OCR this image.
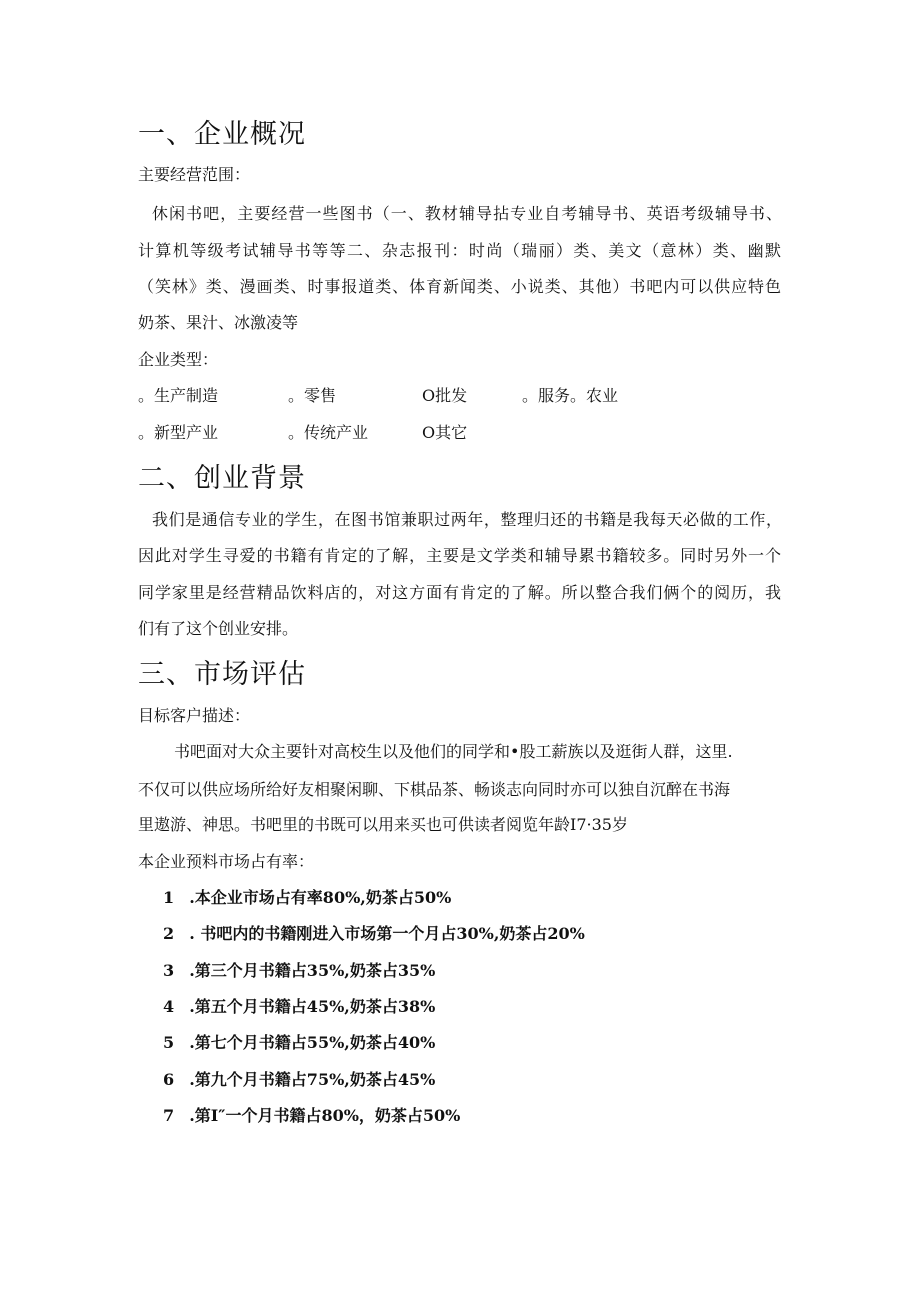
一、企业概况
主要经营范围：
休闲书吧，主要经营一些图书（一、教材辅导拈专业自考辅导书、英语考级辅导书、
计算机等级考试辅导书等等二、杂志报刊：时尚（瑞丽）类、美文（意林）类、幽默
（笑林》类、漫画类、时事报道类、体育新闻类、小说类、其他）书吧内可以供应特色
奶茶、果汁、冰激凌等
企业类型：
。生产制造	。零售	O批发	。服务。农业
。新型产业	。传统产业	O其它
二、创业背景
我们是通信专业的学生，在图书馆兼职过两年，整理归还的书籍是我每天必做的工作，
因此对学生寻爱的书籍有肯定的了解，主要是文学类和辅导累书籍较多。同时另外一个
同学家里是经营精品饮料店的，对这方面有肯定的了解。所以整合我们俩个的阅历，我
们有了这个创业安排。
三、市场评估
目标客户描述：
书吧面对大众主要针对高校生以及他们的同学和•股工薪族以及逛街人群，这里.
不仅可以供应场所给好友相聚闲聊、下棋品茶、畅谈志向同时亦可以独自沉醉在书海
里遨游、神思。书吧里的书既可以用来买也可供读者阅览年龄I7·35岁
本企业预料市场占有率：
1 .本企业市场占有率80%,奶茶占50%
2 . 书吧内的书籍刚进入市场第一个月占30%,奶茶占20%
3 .第三个月书籍占35%,奶茶占35%
4 .第五个月书籍占45%,奶茶占38%
5 .第七个月书籍占55%,奶茶占40%
6 .第九个月书籍占75%,奶茶占45%
7 .第I″一个月书籍占80%，奶茶占50%
